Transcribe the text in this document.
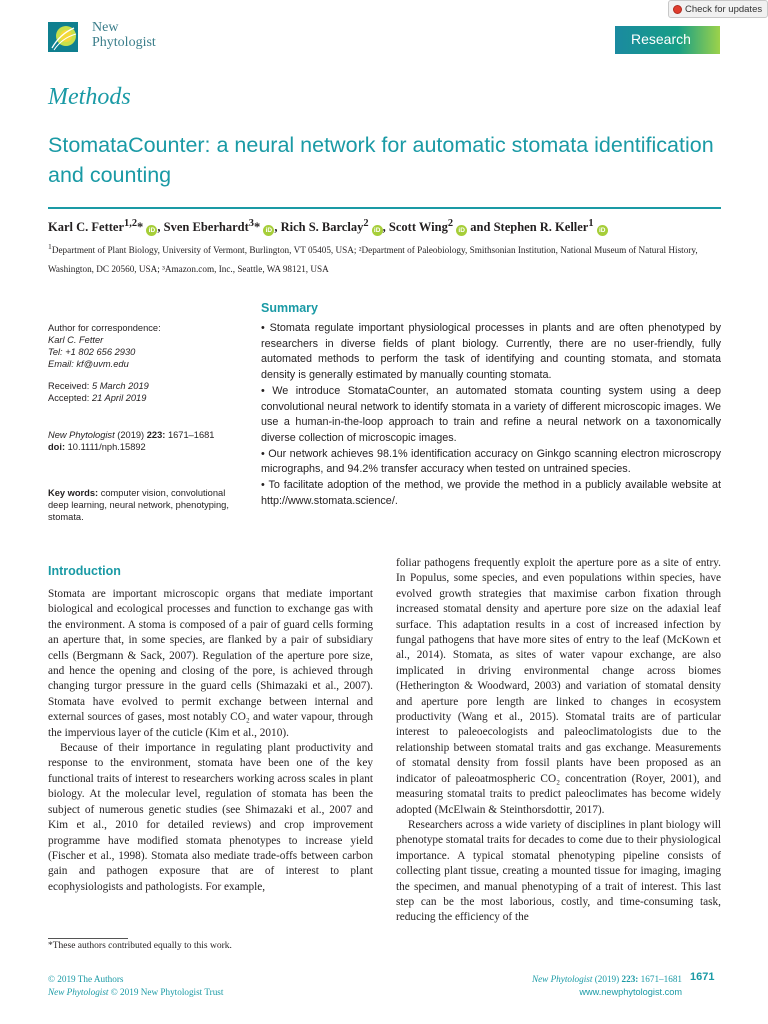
New
Phytologist
Check for updates
Research
Methods
StomataCounter: a neural network for automatic stomata identification and counting
Karl C. Fetter$^{1,2}$* iD , Sven Eberhardt$^3$* iD , Rich S. Barclay$^2$ iD , Scott Wing$^2$ iD and Stephen R. Keller$^1$ iD
$^1$Department of Plant Biology, University of Vermont, Burlington, VT 05405, USA; ²Department of Paleobiology, Smithsonian Institution, National Museum of Natural History, Washington, DC 20560, USA; ³Amazon.com, Inc., Seattle, WA 98121, USA

Author for correspondence:

Karl C. Fetter

Tel: +1 802 656 2930

Email: kf@uvm.edu

Received: 5 March 2019

Accepted: 21 April 2019

New Phytologist (2019) 223: 1671–1681

doi: 10.1111/nph.15892

Key words: computer vision, convolutional deep learning, neural network, phenotyping, stomata.

Summary

• Stomata regulate important physiological processes in plants and are often phenotyped by researchers in diverse fields of plant biology. Currently, there are no user-friendly, fully automated methods to perform the task of identifying and counting stomata, and stomata density is generally estimated by manually counting stomata.

• We introduce StomataCounter, an automated stomata counting system using a deep convolutional neural network to identify stomata in a variety of different microscopic images. We use a human-in-the-loop approach to train and refine a neural network on a taxonomically diverse collection of microscopic images.

• Our network achieves 98.1% identification accuracy on Ginkgo scanning electron microscropy micrographs, and 94.2% transfer accuracy when tested on untrained species.

• To facilitate adoption of the method, we provide the method in a publicly available website at http://www.stomata.science/.

Introduction

Stomata are important microscopic organs that mediate important biological and ecological processes and function to exchange gas with the environment. A stoma is composed of a pair of guard cells forming an aperture that, in some species, are flanked by a pair of subsidiary cells (Bergmann & Sack, 2007). Regulation of the aperture pore size, and hence the opening and closing of the pore, is achieved through changing turgor pressure in the guard cells (Shimazaki et al., 2007). Stomata have evolved to permit exchange between internal and external sources of gases, most notably CO₂ and water vapour, through the impervious layer of the cuticle (Kim et al., 2010).

Because of their importance in regulating plant productivity and response to the environment, stomata have been one of the key functional traits of interest to researchers working across scales in plant biology. At the molecular level, regulation of stomata has been the subject of numerous genetic studies (see Shimazaki et al., 2007 and Kim et al., 2010 for detailed reviews) and crop improvement programme have modified stomata phenotypes to increase yield (Fischer et al., 1998). Stomata also mediate trade-offs between carbon gain and pathogen exposure that are of interest to plant ecophysiologists and pathologists. For example,

foliar pathogens frequently exploit the aperture pore as a site of entry. In Populus, some species, and even populations within species, have evolved growth strategies that maximise carbon fixation through increased stomatal density and aperture pore size on the adaxial leaf surface. This adaptation results in a cost of increased infection by fungal pathogens that have more sites of entry to the leaf (McKown et al., 2014). Stomata, as sites of water vapour exchange, are also implicated in driving environmental change across biomes (Hetherington & Woodward, 2003) and variation of stomatal density and aperture pore length are linked to changes in ecosystem productivity (Wang et al., 2015). Stomatal traits are of particular interest to paleoecologists and paleoclimatologists due to the relationship between stomatal traits and gas exchange. Measurements of stomatal density from fossil plants have been proposed as an indicator of paleoatmospheric CO₂ concentration (Royer, 2001), and measuring stomatal traits to predict paleoclimates has become widely adopted (McElwain & Steinthorsdottir, 2017).

Researchers across a wide variety of disciplines in plant biology will phenotype stomatal traits for decades to come due to their physiological importance. A typical stomatal phenotyping pipeline consists of collecting plant tissue, creating a mounted tissue for imaging, imaging the specimen, and manual phenotyping of a trait of interest. This last step can be the most laborious, costly, and time-consuming task, reducing the efficiency of the

*These authors contributed equally to this work.
© 2019 The Authors
New Phytologist © 2019 New Phytologist Trust
New Phytologist (2019) 223: 1671–1681
www.newphytologist.com
1671
